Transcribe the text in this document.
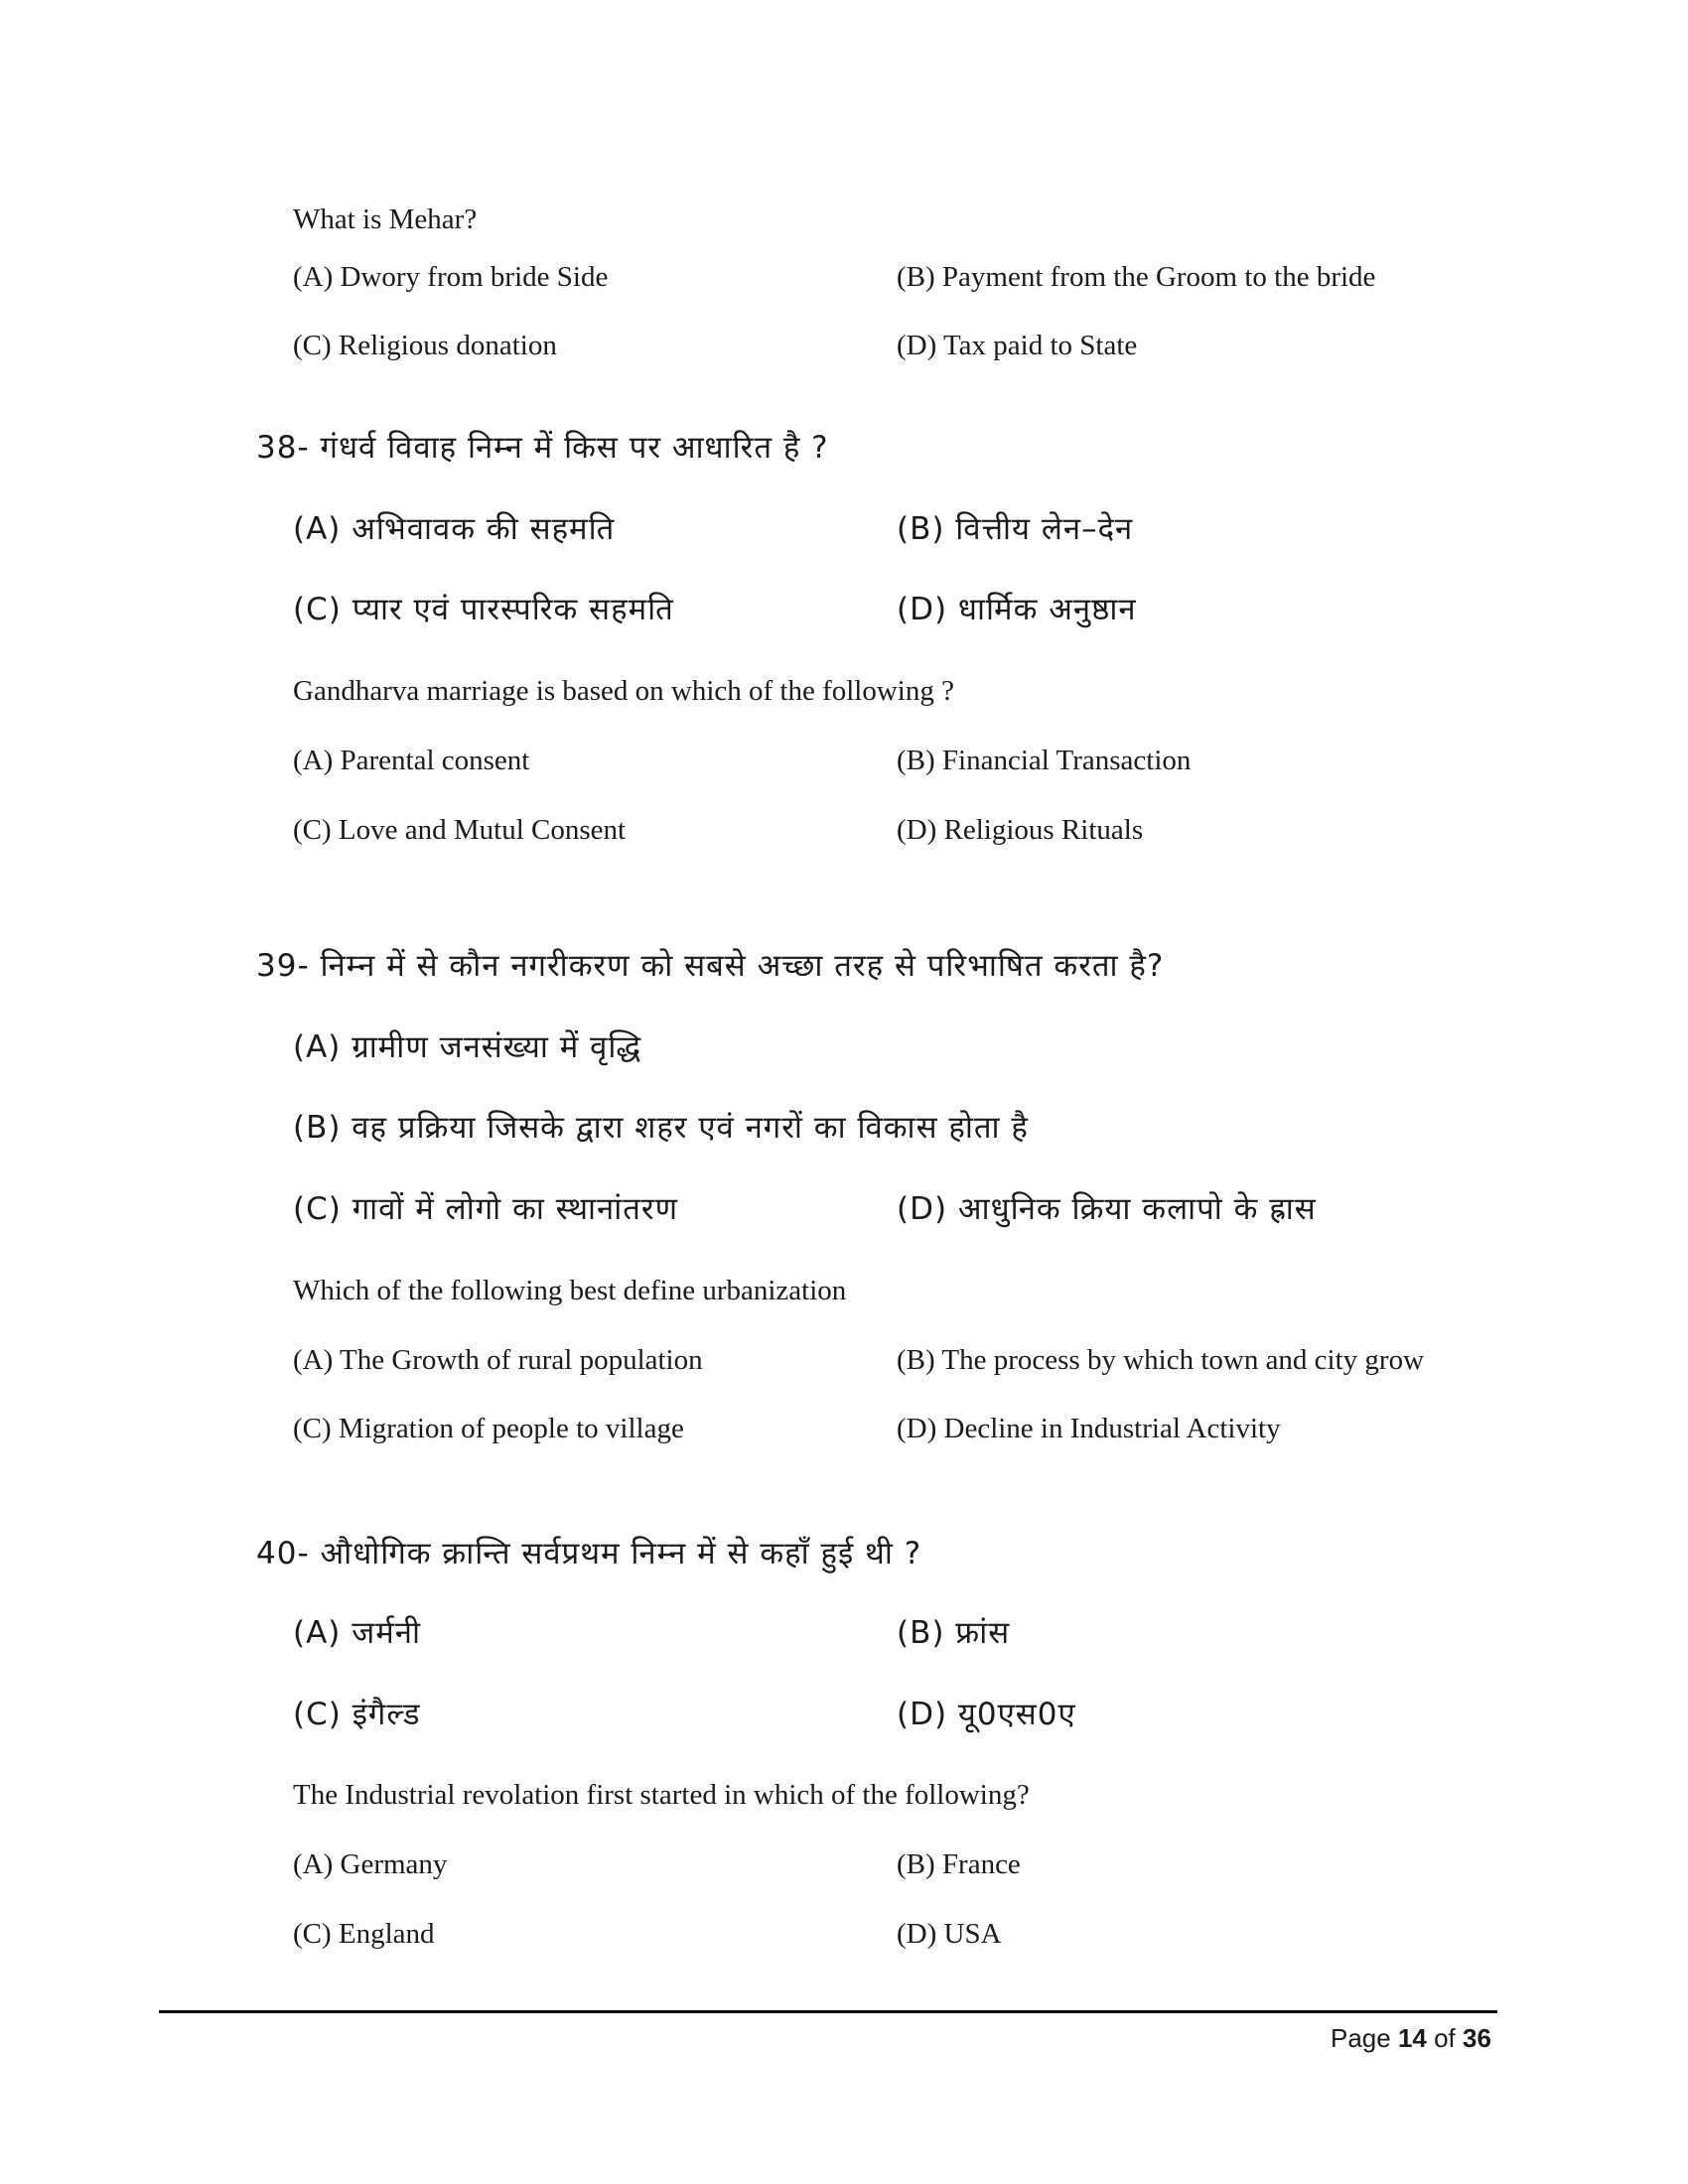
What is Mehar?
(A) Dwory from bride Side	(B) Payment from the Groom to the bride
(C) Religious donation	(D) Tax paid to State
38- गंधर्व विवाह निम्न में किस पर आधारित है ?
(A) अभिवावक की सहमति	(B) वित्तीय लेन–देन
(C) प्यार एवं पारस्परिक सहमति	(D) धार्मिक अनुष्ठान
Gandharva marriage is based on which of the following ?
(A) Parental consent	(B) Financial Transaction
(C) Love and Mutul Consent	(D) Religious Rituals
39- निम्न में से कौन नगरीकरण को सबसे अच्छा तरह से परिभाषित करता है?
(A) ग्रामीण जनसंख्या में वृद्धि
(B) वह प्रक्रिया जिसके द्वारा शहर एवं नगरों का विकास होता है
(C) गावों में लोगो का स्थानांतरण	(D) आधुनिक क्रिया कलापो के ह्रास
Which of the following best define urbanization
(A) The Growth of rural population	(B) The process by which town and city grow
(C) Migration of people to village	(D) Decline in Industrial Activity
40- औधोगिक क्रान्ति सर्वप्रथम निम्न में से कहाँ हुई थी ?
(A) जर्मनी	(B) फ्रांस
(C) इंगैल्ड	(D) यू0एस0ए
The Industrial revolation first started in which of the following?
(A) Germany	(B) France
(C) England	(D) USA
Page 14 of 36
